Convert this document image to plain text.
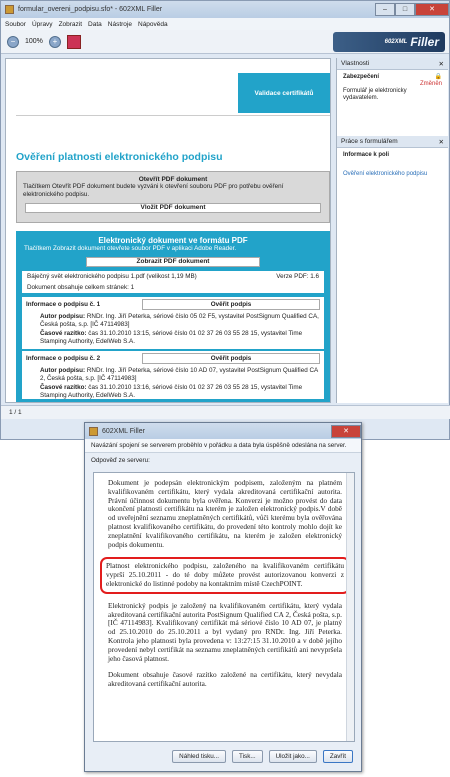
formular_overeni_podpisu.sfo* - 602XML Filler	–	□	✕
Soubor Úpravy Zobrazit Data Nástroje Nápověda
−	100%	+	602XML Filler
Validace certifikátů
Ověření platnosti elektronického podpisu
Otevřít PDF dokument
Tlačítkem Otevřít PDF dokument budete vyzváni k otevření souboru PDF pro potřebu ověření elektronického podpisu.
Vložit PDF dokument
Elektronický dokument ve formátu PDF
Tlačítkem Zobrazit dokument otevřete soubor PDF v aplikaci Adobe Reader.
Zobrazit PDF dokument
Báječný svět elektronického podpisu 1.pdf (velikost 1,19 MB)	Verze PDF: 1.6
Dokument obsahuje celkem stránek: 1
Informace o podpisu č. 1	Ověřit podpis
Autor podpisu: RNDr. Ing. Jiří Peterka, sériové číslo 05 02 F5, vystavitel PostSignum Qualified CA, Česká pošta, s.p. [IČ 47114983]
Časové razítko: čas 31.10.2010 13:15, sériové číslo 01 02 37 26 03 55 28 15, vystavitel Time Stamping Authority, EdelWeb S.A.
Informace o podpisu č. 2	Ověřit podpis
Autor podpisu: RNDr. Ing. Jiří Peterka, sériové číslo 10 AD 07, vystavitel PostSignum Qualified CA 2, Česká pošta, s.p. [IČ 47114983]
Časové razítko: čas 31.10.2010 13:16, sériové číslo 01 02 37 26 03 55 28 15, vystavitel Time Stamping Authority, EdelWeb S.A.
Vlastnosti	✕
Zabezpečení	🔒
Změněn
Formulář je elektronicky vydavatelem.
Práce s formulářem	✕
Informace k poli
Ověření elektronického podpisu
1 / 1
602XML Filler	✕
Navázání spojení se serverem proběhlo v pořádku a data byla úspěšně odeslána na server.
Odpověď ze serveru:
Dokument je podepsán elektronickým podpisem, založeným na platném kvalifikovaném certifikátu, který vydala akreditovaná certifikační autorita. Právní účinnost dokumentu byla ověřena. Konverzi je možno provést do data ukončení platnosti certifikátu na kterém je založen elektronický podpis.V době od uveřejnění seznamu zneplatněných certifikátů, vůči kterému byla ověřována platnost kvalifikovaného certifikátu, do provedení této kontroly mohlo dojít ke zneplatnění kvalifikovaného certifikátu, na kterém je založen elektronický podpis dokumentu.
Platnost elektronického podpisu, založeného na kvalifikovaném certifikátu vyprší 25.10.2011 - do té doby můžete provést autorizovanou konverzi z elektronické do listinné podoby na kontaktním místě CzechPOINT.
Elektronický podpis je založený na kvalifikovaném certifikátu, který vydala akreditovaná certifikační autorita PostSignum Qualified CA 2, Česká pošta, s.p. [IČ 47114983]. Kvalifikovaný certifikát má sériové číslo 10 AD 07, je platný od 25.10.2010 do 25.10.2011 a byl vydaný pro RNDr. Ing. Jiří Peterka. Kontrola jeho platnosti byla provedena v: 13:27:15 31.10.2010 a v době jejího provedení nebyl certifikát na seznamu zneplatněných certifikátů ani nevypršela jeho časová platnost.
Dokument obsahuje časové razítko založené na certifikátu, který nevydala akreditovaná certifikační autorita.
Náhled tisku...	Tisk...	Uložit jako...	Zavřít
